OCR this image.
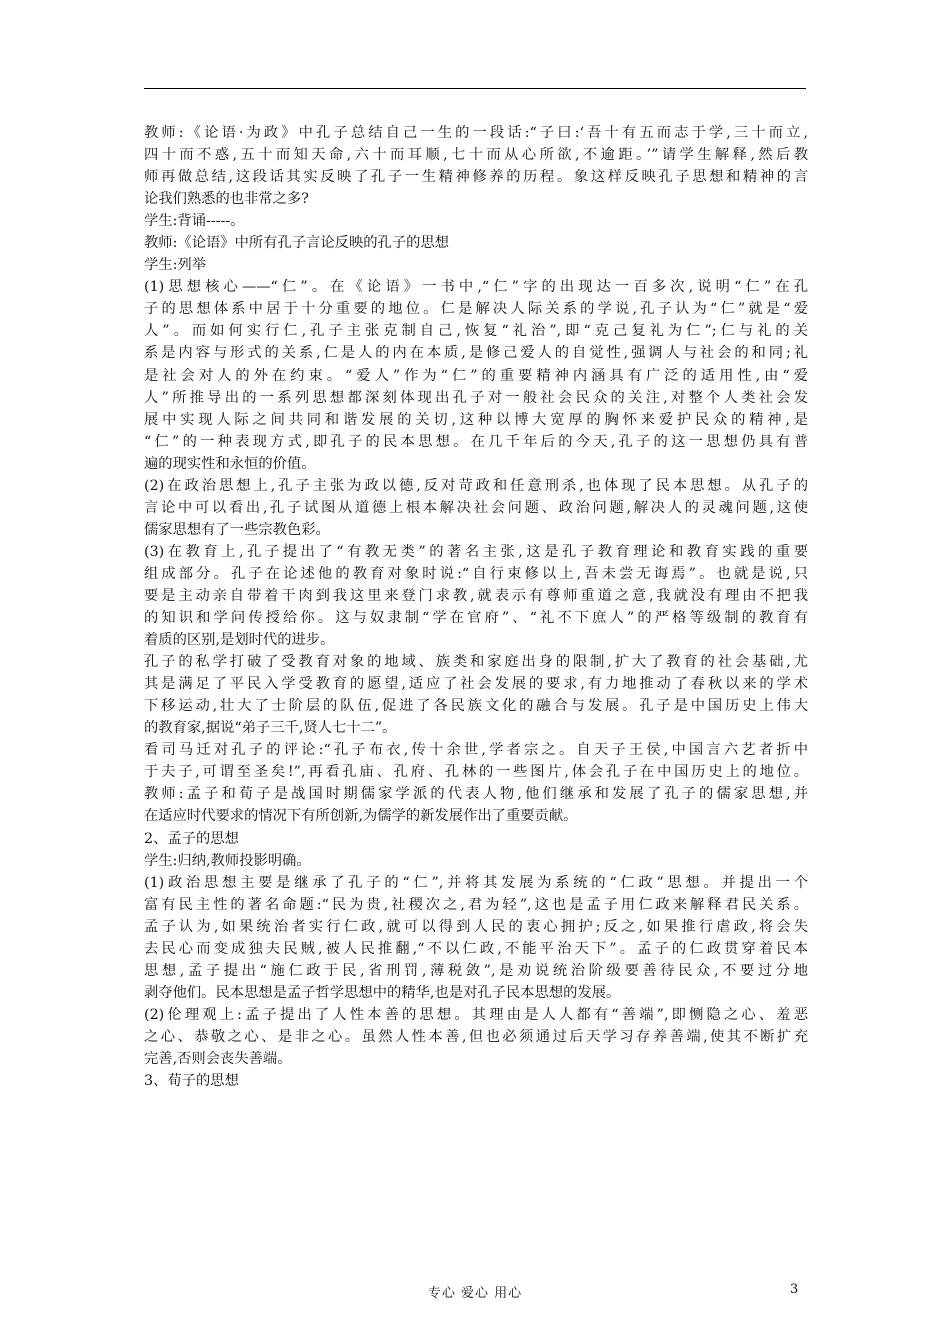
教师:《论语·为政》中孔子总结自己一生的一段话:“子曰:‘吾十有五而志于学,三十而立,
四十而不惑,五十而知天命,六十而耳顺,七十而从心所欲,不逾距。’”请学生解释,然后教
师再做总结,这段话其实反映了孔子一生精神修养的历程。象这样反映孔子思想和精神的言
论我们熟悉的也非常之多?
学生:背诵-----。
教师:《论语》中所有孔子言论反映的孔子的思想
学生:列举
(1)思想核心——“仁”。在《论语》一书中,“仁”字的出现达一百多次,说明“仁”在孔
子的思想体系中居于十分重要的地位。仁是解决人际关系的学说,孔子认为“仁”就是“爱
人”。而如何实行仁,孔子主张克制自己,恢复“礼治”,即“克己复礼为仁”;仁与礼的关
系是内容与形式的关系,仁是人的内在本质,是修己爱人的自觉性,强调人与社会的和同;礼
是社会对人的外在约束。“爱人”作为“仁”的重要精神内涵具有广泛的适用性,由“爱
人”所推导出的一系列思想都深刻体现出孔子对一般社会民众的关注,对整个人类社会发
展中实现人际之间共同和谐发展的关切,这种以博大宽厚的胸怀来爱护民众的精神,是
“仁”的一种表现方式,即孔子的民本思想。在几千年后的今天,孔子的这一思想仍具有普
遍的现实性和永恒的价值。
(2)在政治思想上,孔子主张为政以德,反对苛政和任意刑杀,也体现了民本思想。从孔子的
言论中可以看出,孔子试图从道德上根本解决社会问题、政治问题,解决人的灵魂问题,这使
儒家思想有了一些宗教色彩。
(3)在教育上,孔子提出了“有教无类”的著名主张,这是孔子教育理论和教育实践的重要
组成部分。孔子在论述他的教育对象时说:“自行束修以上,吾未尝无诲焉”。也就是说,只
要是主动亲自带着干肉到我这里来登门求教,就表示有尊师重道之意,我就没有理由不把我
的知识和学问传授给你。这与奴隶制“学在官府”、“礼不下庶人”的严格等级制的教育有
着质的区别,是划时代的进步。
孔子的私学打破了受教育对象的地域、族类和家庭出身的限制,扩大了教育的社会基础,尤
其是满足了平民入学受教育的愿望,适应了社会发展的要求,有力地推动了春秋以来的学术
下移运动,壮大了士阶层的队伍,促进了各民族文化的融合与发展。孔子是中国历史上伟大
的教育家,据说“弟子三千,贤人七十二”。
看司马迁对孔子的评论:“孔子布衣,传十余世,学者宗之。自天子王侯,中国言六艺者折中
于夫子,可谓至圣矣!”,再看孔庙、孔府、孔林的一些图片,体会孔子在中国历史上的地位。
教师:孟子和荀子是战国时期儒家学派的代表人物,他们继承和发展了孔子的儒家思想,并
在适应时代要求的情况下有所创新,为儒学的新发展作出了重要贡献。
2、孟子的思想
学生:归纳,教师投影明确。
(1)政治思想主要是继承了孔子的“仁”,并将其发展为系统的“仁政”思想。并提出一个
富有民主性的著名命题:“民为贵,社稷次之,君为轻”,这也是孟子用仁政来解释君民关系。
孟子认为,如果统治者实行仁政,就可以得到人民的衷心拥护;反之,如果推行虐政,将会失
去民心而变成独夫民贼,被人民推翻,“不以仁政,不能平治天下”。孟子的仁政贯穿着民本
思想,孟子提出“施仁政于民,省刑罚,薄税敛”,是劝说统治阶级要善待民众,不要过分地
剥夺他们。民本思想是孟子哲学思想中的精华,也是对孔子民本思想的发展。
(2)伦理观上:孟子提出了人性本善的思想。其理由是人人都有“善端”,即恻隐之心、羞恶
之心、恭敬之心、是非之心。虽然人性本善,但也必须通过后天学习存养善端,使其不断扩充
完善,否则会丧失善端。
3、荀子的思想
专心 爱心 用心	3
